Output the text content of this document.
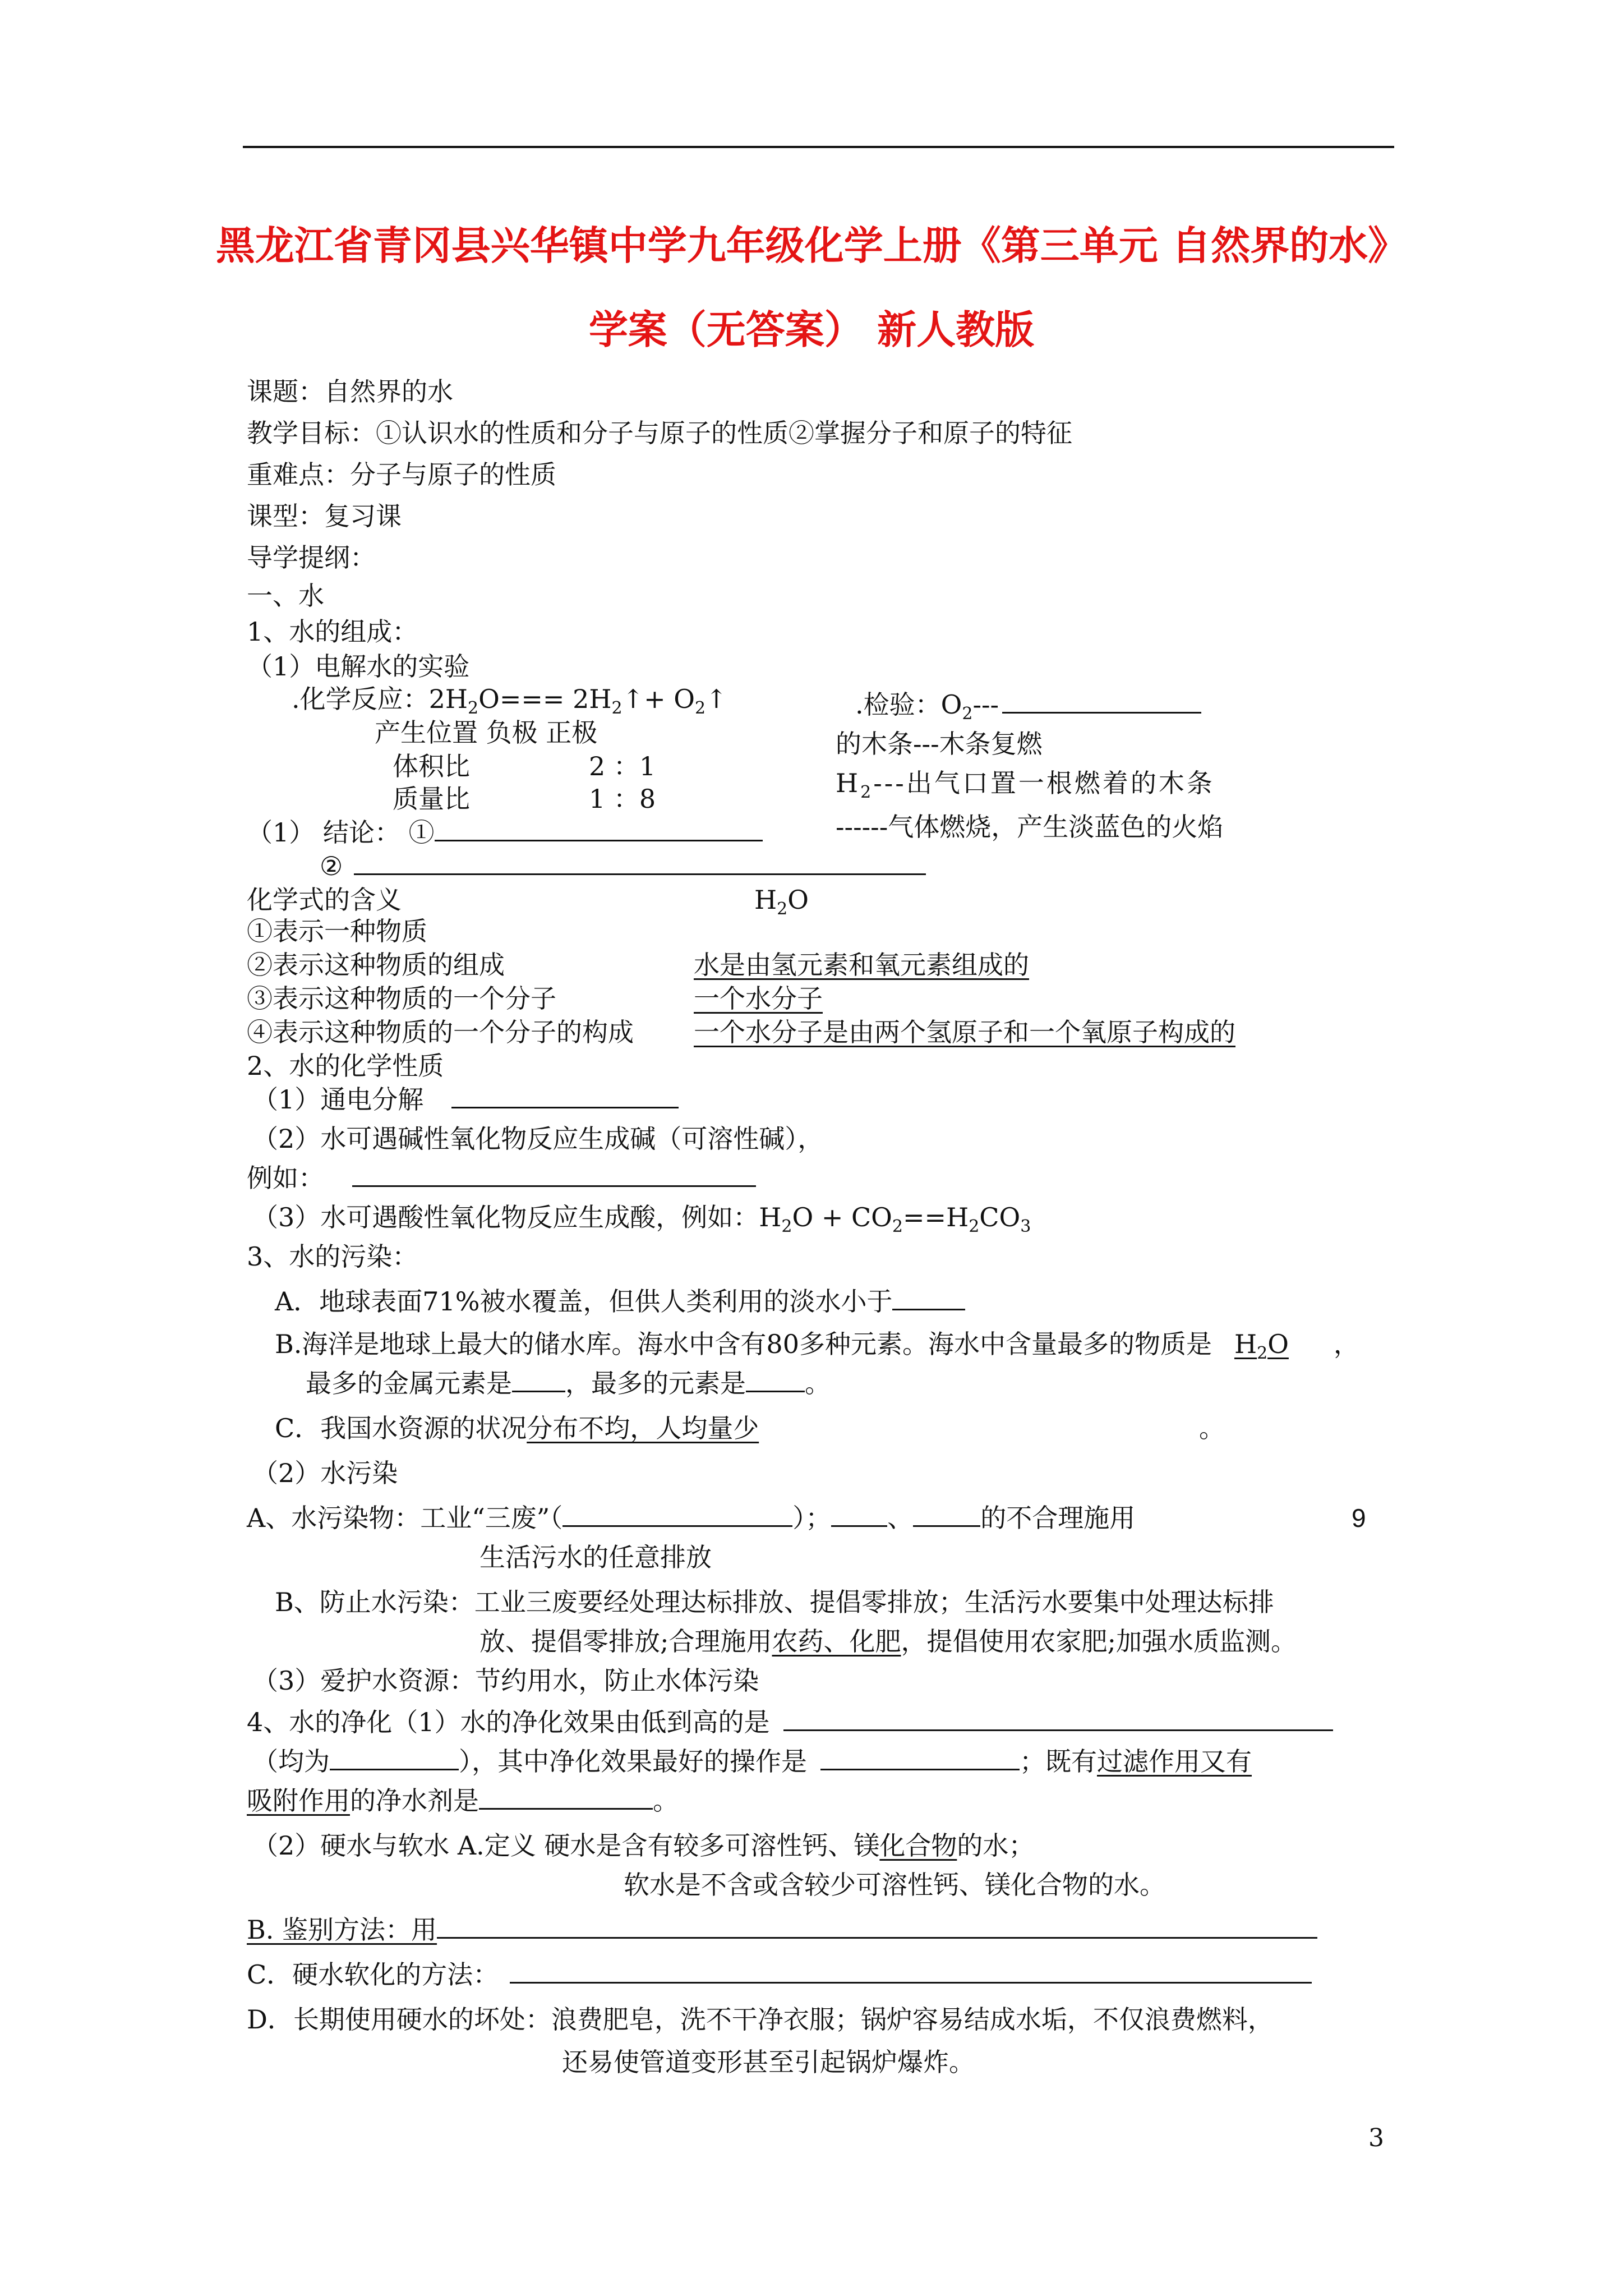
黑龙江省青冈县兴华镇中学九年级化学上册《第三单元 自然界的水》
学案（无答案） 新人教版
课题：自然界的水
教学目标：①认识水的性质和分子与原子的性质②掌握分子和原子的特征
重难点：分子与原子的性质
课型：复习课
导学提纲：
一、水
1、水的组成：
（1）电解水的实验
.化学反应：$2H_2O===$ $2H_2↑+$ $O_2↑$	.检验：$O_2---$
产生位置 负极 正极	的木条---木条复燃
体积比	2 ：1
$H_2---$出气口置一根燃着的木条
质量比	1 ：8
（1） 结论： ①	------气体燃烧，产生淡蓝色的火焰
②
化学式的含义	$H_2O$
①表示一种物质
②表示这种物质的组成	水是由氢元素和氧元素组成的
③表示这种物质的一个分子	一个水分子
④表示这种物质的一个分子的构成 一个水分子是由两个氢原子和一个氧原子构成的
2、水的化学性质
（1）通电分解
（2）水可遇碱性氧化物反应生成碱（可溶性碱），
例如：
（3）水可遇酸性氧化物反应生成酸，例如：$H_2O + CO_2==H_2CO_3$
3、水的污染：
A．地球表面71%被水覆盖，但供人类利用的淡水小于
B.海洋是地球上最大的储水库。海水中含有80多种元素。海水中含量最多的物质是 $H_2O$ ，
最多的金属元素是 ，最多的元素是 。
C．我国水资源的状况分布不均，人均量少	。
（2）水污染
A、水污染物：工业“三废”（	）； 、	的不合理施用	9
生活污水的任意排放
B、防止水污染：工业三废要经处理达标排放、提倡零排放；生活污水要集中处理达标排
放、提倡零排放;合理施用农药、化肥，提倡使用农家肥;加强水质监测。
（3）爱护水资源：节约用水，防止水体污染
4、水的净化（1）水的净化效果由低到高的是
（均为	），其中净化效果最好的操作是	；既有过滤作用又有
吸附作用的净水剂是	。
（2）硬水与软水 A.定义 硬水是含有较多可溶性钙、镁化合物的水；
软水是不含或含较少可溶性钙、镁化合物的水。
B. 鉴别方法：用
C．硬水软化的方法：
D．长期使用硬水的坏处：浪费肥皂，洗不干净衣服；锅炉容易结成水垢，不仅浪费燃料，
还易使管道变形甚至引起锅炉爆炸。
3
